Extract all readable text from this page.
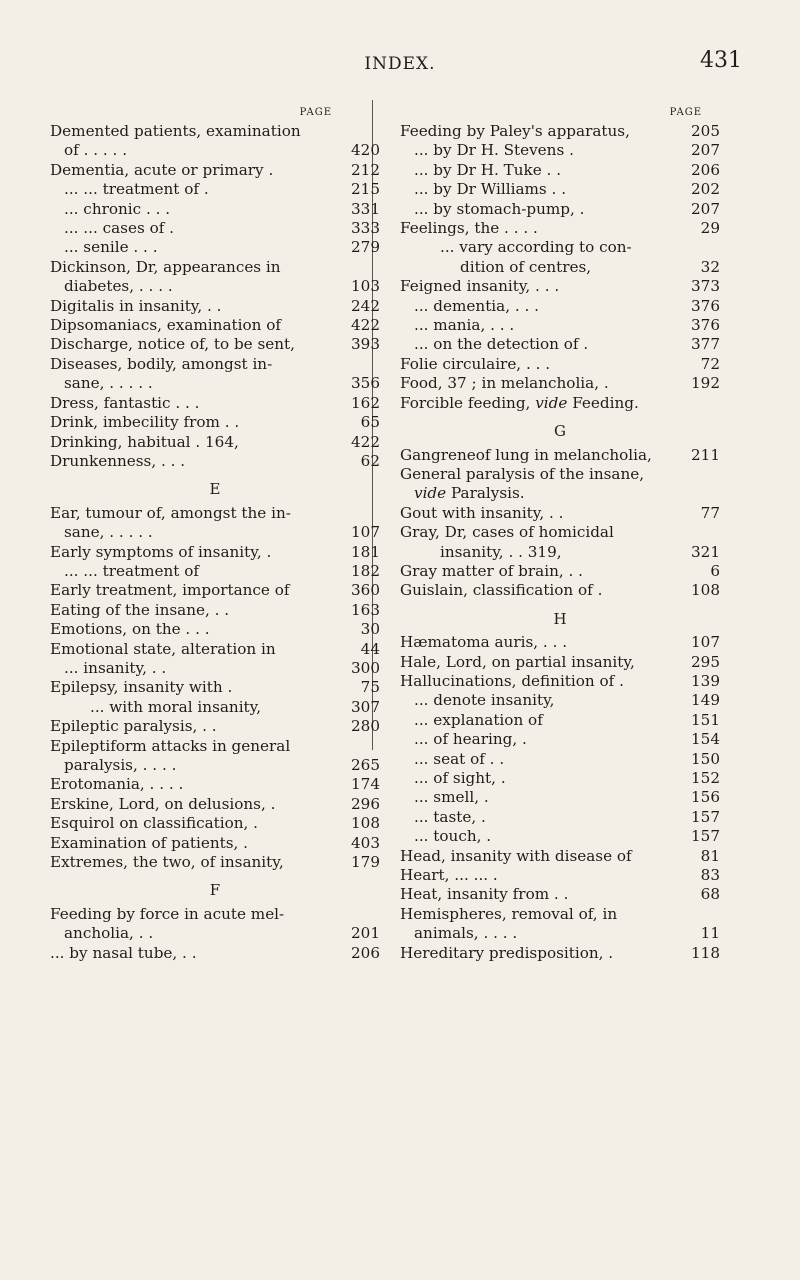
INDEX.	431
PAGE
Demented patients, examination
of . . . . .	420
Dementia, acute or primary .	212
... ... treatment of .	215
... chronic . . .	331
... ... cases of .	333
... senile . . .	279
Dickinson, Dr, appearances in
diabetes, . . . .	103
Digitalis in insanity, . .	242
Dipsomaniacs, examination of	422
Discharge, notice of, to be sent,	393
Diseases, bodily, amongst in-
sane, . . . . .	356
Dress, fantastic . . .	162
Drink, imbecility from . .	65
Drinking, habitual . 164,	422
Drunkenness, . . .	62
E
Ear, tumour of, amongst the in-
sane, . . . . .	107
Early symptoms of insanity, .	181
... ... treatment of	182
Early treatment, importance of	360
Eating of the insane, . .	163
Emotions, on the . . .	30
Emotional state, alteration in	44
... insanity, . .	300
Epilepsy, insanity with .	75
... with moral insanity,	307
Epileptic paralysis, . .	280
Epileptiform attacks in general
paralysis, . . . .	265
Erotomania, . . . .	174
Erskine, Lord, on delusions, .	296
Esquirol on classification, .	108
Examination of patients, .	403
Extremes, the two, of insanity,	179
F
Feeding by force in acute mel-
ancholia, . .	201
... by nasal tube, . .	206
PAGE
Feeding by Paley's apparatus,	205
... by Dr H. Stevens .	207
... by Dr H. Tuke . .	206
... by Dr Williams . .	202
... by stomach-pump, .	207
Feelings, the . . . .	29
... vary according to con-
dition of centres,	32
Feigned insanity, . . .	373
... dementia, . . .	376
... mania, . . .	376
... on the detection of .	377
Folie circulaire, . . .	72
Food, 37 ; in melancholia, .	192
Forcible feeding, vide Feeding.
G
Gangreneof lung in melancholia,	211
General paralysis of the insane,
vide Paralysis.
Gout with insanity, . .	77
Gray, Dr, cases of homicidal
insanity, . . 319,	321
Gray matter of brain, . .	6
Guislain, classification of .	108
H
Hæmatoma auris, . . .	107
Hale, Lord, on partial insanity,	295
Hallucinations, definition of .	139
... denote insanity,	149
... explanation of	151
... of hearing, .	154
... seat of . .	150
... of sight, .	152
... smell, .	156
... taste, .	157
... touch, .	157
Head, insanity with disease of	81
Heart, ... ... .	83
Heat, insanity from . .	68
Hemispheres, removal of, in
animals, . . . .	11
Hereditary predisposition, .	118
